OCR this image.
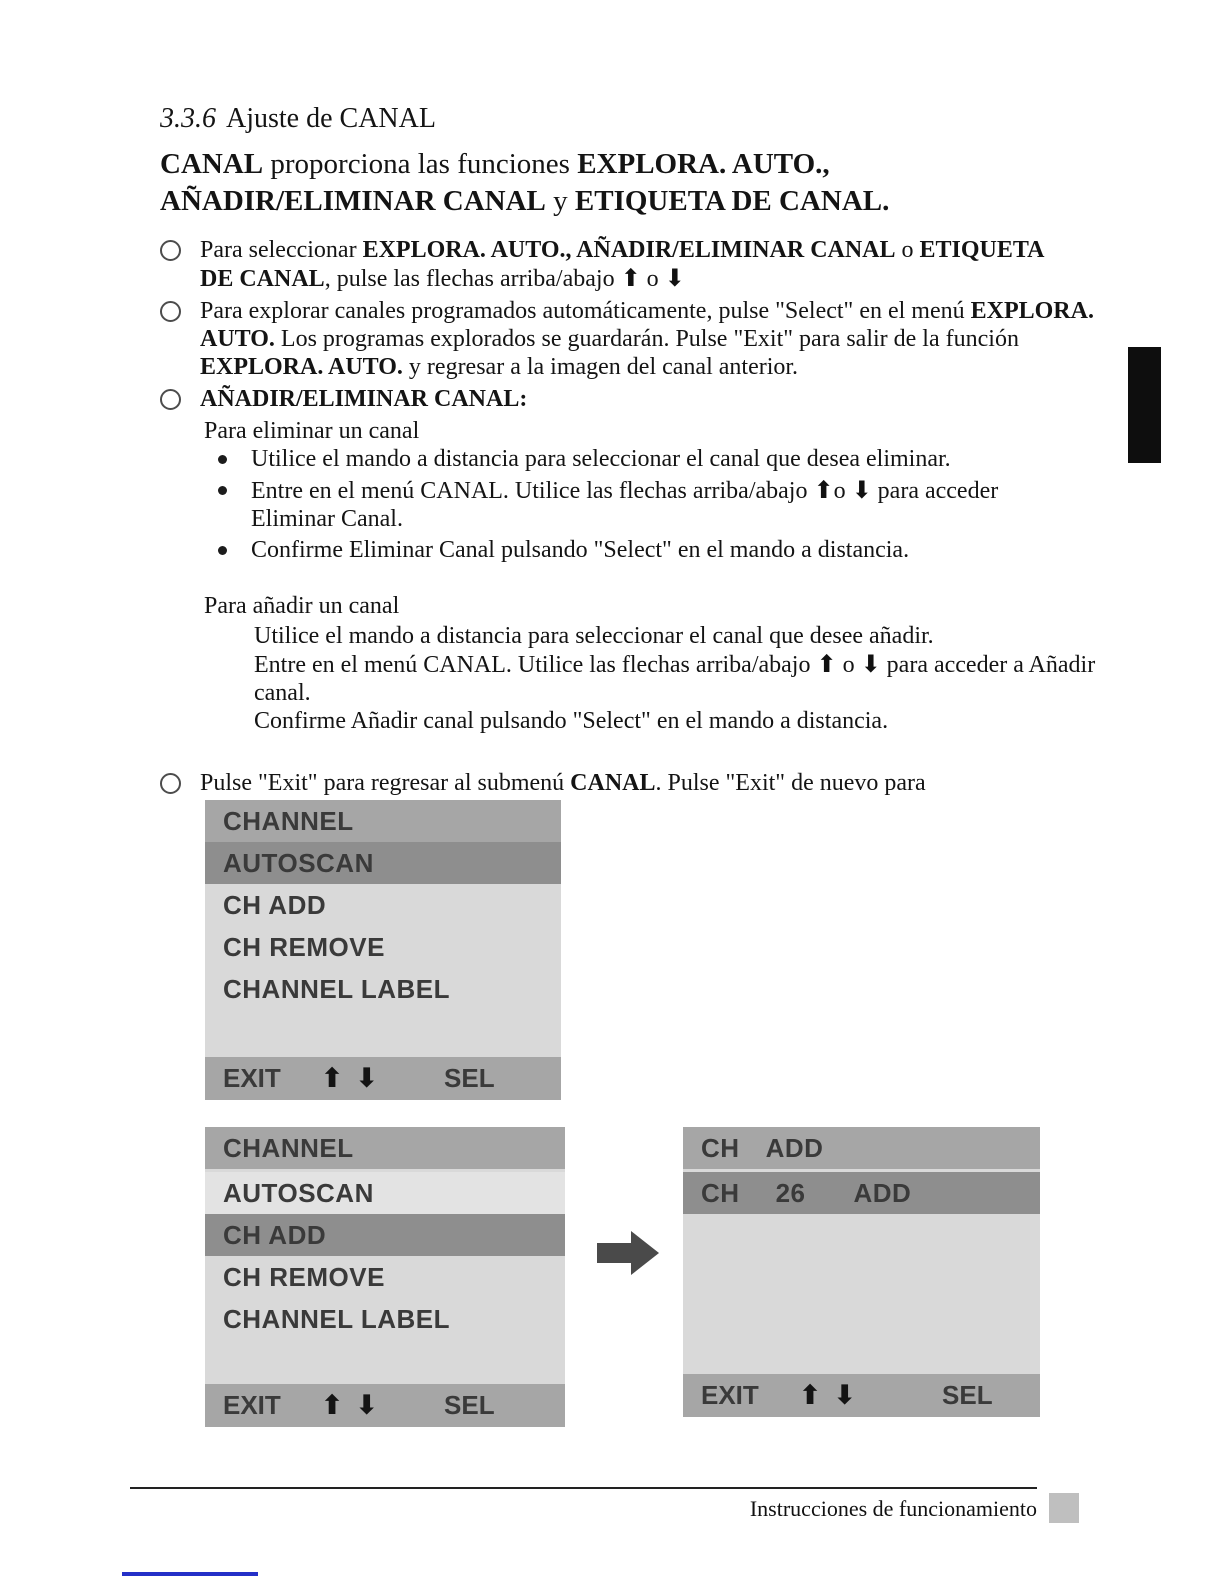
3.3.6 Ajuste de CANAL
CANAL proporciona las funciones EXPLORA. AUTO., AÑADIR/ELIMINAR CANAL y ETIQUETA DE CANAL.

Para seleccionar EXPLORA. AUTO., AÑADIR/ELIMINAR CANAL o ETIQUETA DE CANAL, pulse las flechas arriba/abajo ⬆ o ⬇

Para explorar canales programados automáticamente, pulse "Select" en el menú EXPLORA. AUTO. Los programas explorados se guardarán. Pulse "Exit" para salir de la función EXPLORA. AUTO. y regresar a la imagen del canal anterior.

AÑADIR/ELIMINAR CANAL:

Para eliminar un canal

Utilice el mando a distancia para seleccionar el canal que desea eliminar.

Entre en el menú CANAL. Utilice las flechas arriba/abajo ⬆o ⬇ para acceder Eliminar Canal.

Confirme Eliminar Canal pulsando "Select" en el mando a distancia.

Para añadir un canal

Utilice el mando a distancia para seleccionar el canal que desee añadir.

Entre en el menú CANAL. Utilice las flechas arriba/abajo ⬆ o ⬇ para acceder a Añadir canal.

Confirme Añadir canal pulsando "Select" en el mando a distancia.

Pulse "Exit" para regresar al submenú CANAL. Pulse "Exit" de nuevo para

CHANNEL
AUTOSCAN
CH ADD
CH REMOVE
CHANNEL LABEL
EXIT ⬆ ⬇	SEL
CHANNEL
AUTOSCAN
CH ADD
CH REMOVE
CHANNEL LABEL
EXIT ⬆ ⬇	SEL
CH ADD
CH 26 ADD
EXIT ⬆ ⬇	SEL
Instrucciones de funcionamiento
